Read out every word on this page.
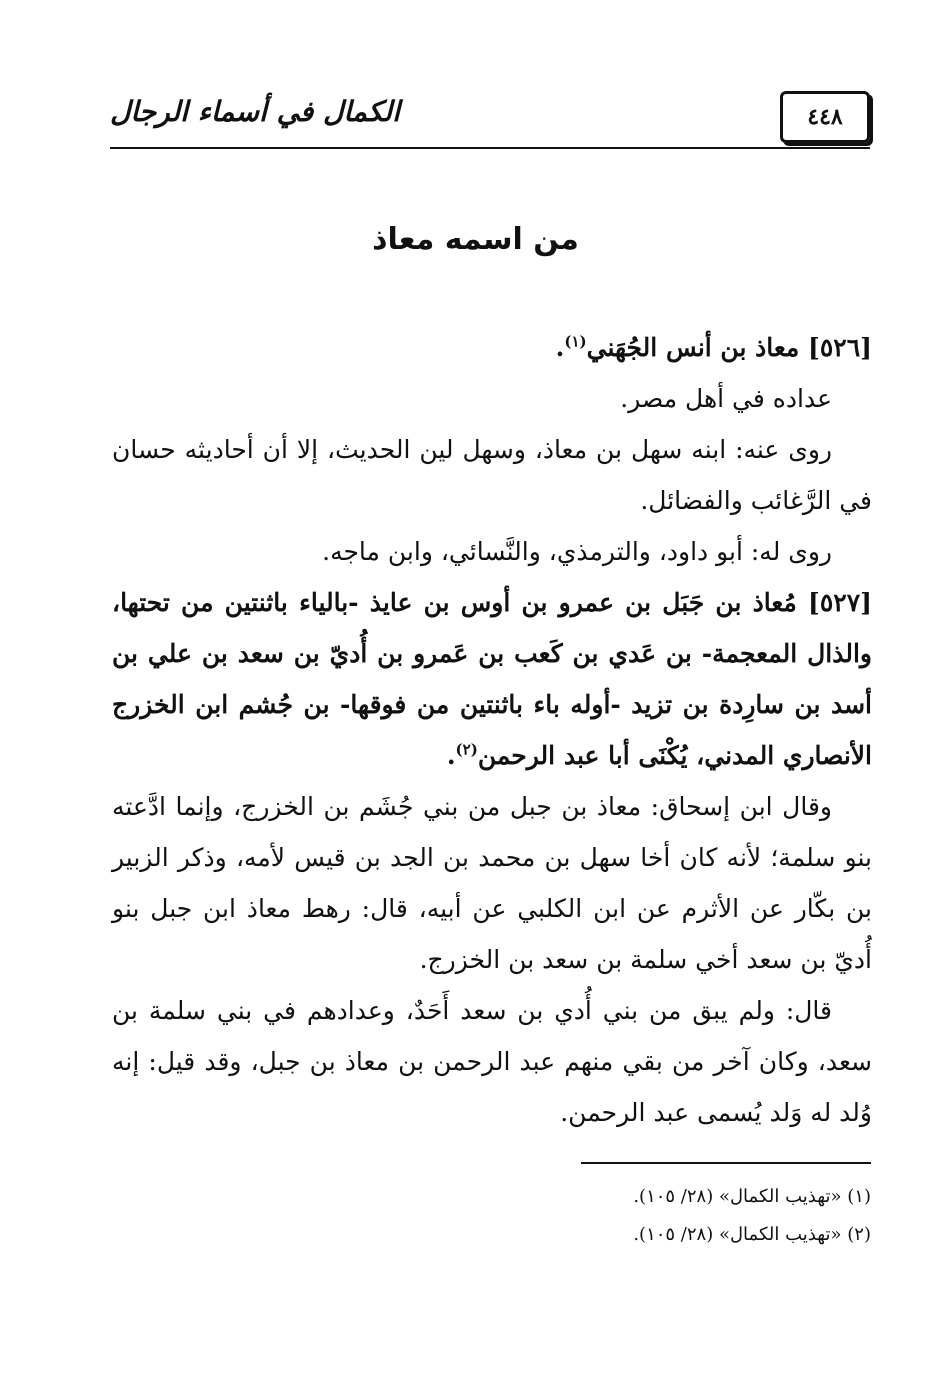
٤٤٨
الكمال في أسماء الرجال
من اسمه معاذ

[٥٢٦] معاذ بن أنس الجُهَني$^{(١)}$.

عداده في أهل مصر.

روى عنه: ابنه سهل بن معاذ، وسهل لين الحديث، إلا أن أحاديثه حسان في الرَّغائب والفضائل.

روى له: أبو داود، والترمذي، والنَّسائي، وابن ماجه.

[٥٢٧] مُعاذ بن جَبَل بن عمرو بن أوس بن عايذ -بالياء باثنتين من تحتها، والذال المعجمة- بن عَدي بن كَعب بن عَمرو بن أُديّ بن سعد بن علي بن أسد بن سارِدة بن تزيد -أوله باء باثنتين من فوقها- بن جُشم ابن الخزرج الأنصاري المدني، يُكْنَى أبا عبد الرحمن$^{(٢)}$.

وقال ابن إسحاق: معاذ بن جبل من بني جُشَم بن الخزرج، وإنما ادَّعته بنو سلمة؛ لأنه كان أخا سهل بن محمد بن الجد بن قيس لأمه، وذكر الزبير بن بكّار عن الأثرم عن ابن الكلبي عن أبيه، قال: رهط معاذ ابن جبل بنو أُديّ بن سعد أخي سلمة بن سعد بن الخزرج.

قال: ولم يبق من بني أُدي بن سعد أَحَدٌ، وعدادهم في بني سلمة بن سعد، وكان آخر من بقي منهم عبد الرحمن بن معاذ بن جبل، وقد قيل: إنه وُلد له وَلد يُسمى عبد الرحمن.

(١) «تهذيب الكمال» (٢٨/ ١٠٥).

(٢) «تهذيب الكمال» (٢٨/ ١٠٥).
